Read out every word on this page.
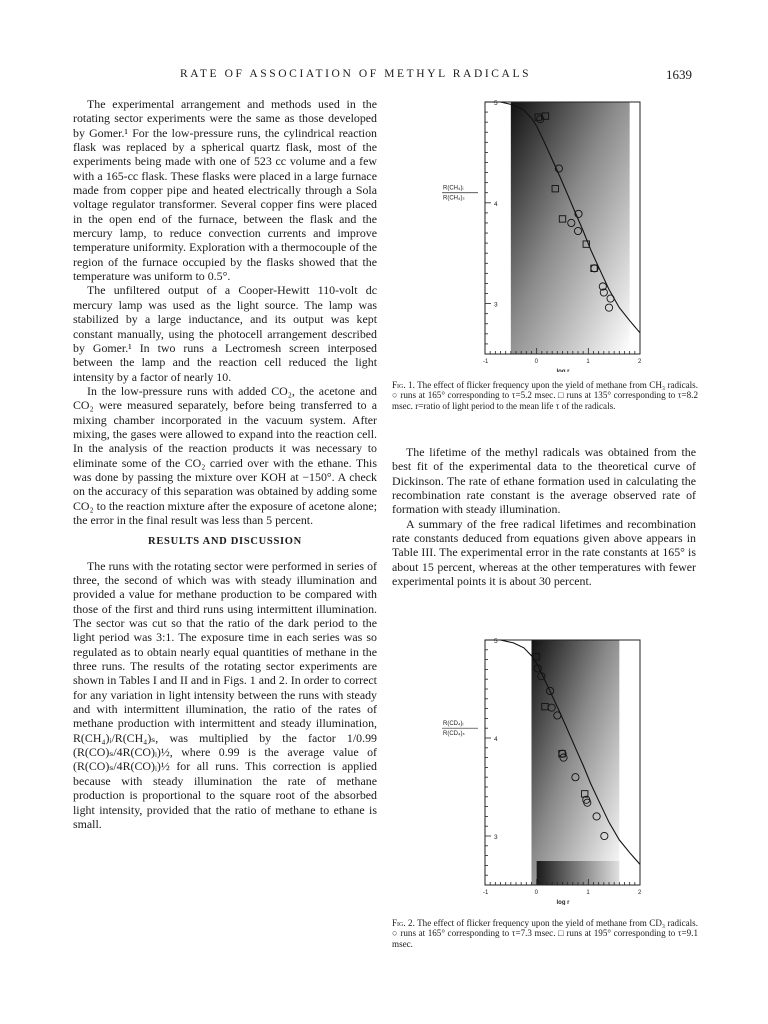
RATE OF ASSOCIATION OF METHYL RADICALS	1639

The experimental arrangement and methods used in the rotating sector experiments were the same as those developed by Gomer.¹ For the low-pressure runs, the cylindrical reaction flask was replaced by a spherical quartz flask, most of the experiments being made with one of 523 cc volume and a few with a 165-cc flask. These flasks were placed in a large furnace made from copper pipe and heated electrically through a Sola voltage regulator transformer. Several copper fins were placed in the open end of the furnace, between the flask and the mercury lamp, to reduce convection currents and improve temperature uniformity. Exploration with a thermocouple of the region of the furnace occupied by the flasks showed that the temperature was uniform to 0.5°.

The unfiltered output of a Cooper-Hewitt 110-volt dc mercury lamp was used as the light source. The lamp was stabilized by a large inductance, and its output was kept constant manually, using the photocell arrangement described by Gomer.¹ In two runs a Lectromesh screen interposed between the lamp and the reaction cell reduced the light intensity by a factor of nearly 10.

In the low-pressure runs with added CO₂, the acetone and CO₂ were measured separately, before being transferred to a mixing chamber incorporated in the vacuum system. After mixing, the gases were allowed to expand into the reaction cell. In the analysis of the reaction products it was necessary to eliminate some of the CO₂ carried over with the ethane. This was done by passing the mixture over KOH at −150°. A check on the accuracy of this separation was obtained by adding some CO₂ to the reaction mixture after the exposure of acetone alone; the error in the final result was less than 5 percent.

RESULTS AND DISCUSSION

The runs with the rotating sector were performed in series of three, the second of which was with steady illumination and provided a value for methane production to be compared with those of the first and third runs using intermittent illumination. The sector was cut so that the ratio of the dark period to the light period was 3:1. The exposure time in each series was so regulated as to obtain nearly equal quantities of methane in the three runs. The results of the rotating sector experiments are shown in Tables I and II and in Figs. 1 and 2. In order to correct for any variation in light intensity between the runs with steady and with intermittent illumination, the ratio of the rates of methane production with intermittent and steady illumination, R(CH₄)ᵢ/R(CH₄)ₛ, was multiplied by the factor 1/0.99 (R(CO)ₛ/4R(CO)ᵢ)½, where 0.99 is the average value of (R(CO)ₛ/4R(CO)ᵢ)½ for all runs. This correction is applied because with steady illumination the rate of methane production is proportional to the square root of the absorbed light intensity, provided that the ratio of methane to ethane is small.

3
4
5
-1	0	1	2
log r
R(CH₄)ᵢ
R(CH₄)ₛ
Fig. 1. The effect of flicker frequency upon the yield of methane from CH₃ radicals. ○ runs at 165° corresponding to τ=5.2 msec. □ runs at 135° corresponding to τ=8.2 msec. r=ratio of light period to the mean life τ of the radicals.

The lifetime of the methyl radicals was obtained from the best fit of the experimental data to the theoretical curve of Dickinson. The rate of ethane formation used in calculating the recombination rate constant is the average observed rate of formation with steady illumination.

A summary of the free radical lifetimes and recombination rate constants deduced from equations given above appears in Table III. The experimental error in the rate constants at 165° is about 15 percent, whereas at the other temperatures with fewer experimental points it is about 30 percent.

3
4
5
-1	0	1	2
log r
R(CD₄)ᵢ
R(CD₄)ₛ
Fig. 2. The effect of flicker frequency upon the yield of methane from CD₃ radicals. ○ runs at 165° corresponding to τ=7.3 msec. □ runs at 195° corresponding to τ=9.1 msec.
